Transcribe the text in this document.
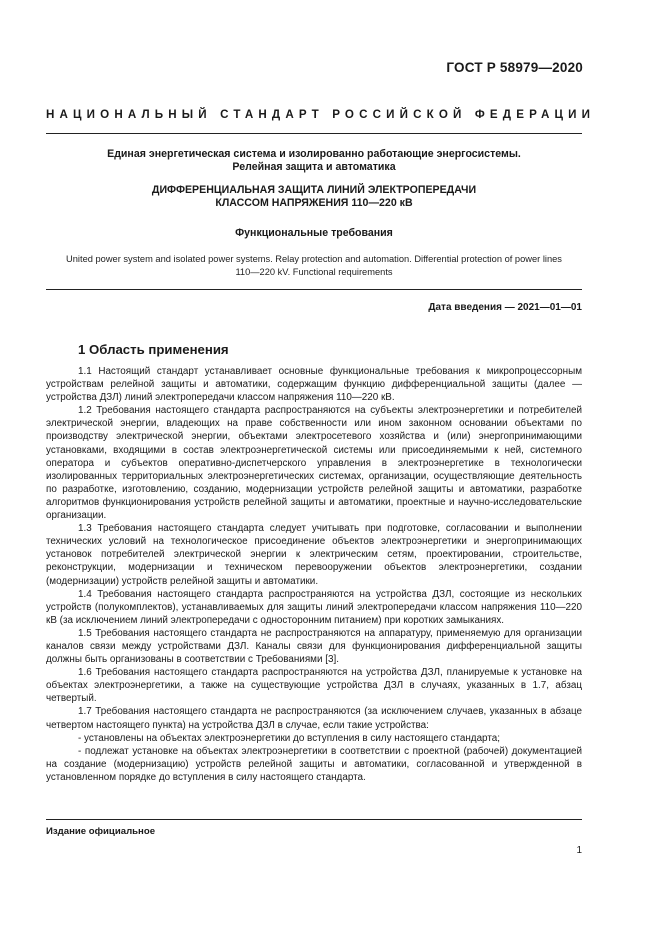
ГОСТ Р 58979—2020
НАЦИОНАЛЬНЫЙ СТАНДАРТ РОССИЙСКОЙ ФЕДЕРАЦИИ
Единая энергетическая система и изолированно работающие энергосистемы.
Релейная защита и автоматика
ДИФФЕРЕНЦИАЛЬНАЯ ЗАЩИТА ЛИНИЙ ЭЛЕКТРОПЕРЕДАЧИ
КЛАССОМ НАПРЯЖЕНИЯ 110—220 кВ
Функциональные требования
United power system and isolated power systems. Relay protection and automation. Differential protection of power lines
110—220 kV. Functional requirements
Дата введения — 2021—01—01
1 Область применения

1.1 Настоящий стандарт устанавливает основные функциональные требования к микропроцессорным устройствам релейной защиты и автоматики, содержащим функцию дифференциальной защиты (далее — устройства ДЗЛ) линий электропередачи классом напряжения 110—220 кВ.

1.2 Требования настоящего стандарта распространяются на субъекты электроэнергетики и потребителей электрической энергии, владеющих на праве собственности или ином законном основании объектами по производству электрической энергии, объектами электросетевого хозяйства и (или) энергопринимающими установками, входящими в состав электроэнергетической системы или присоединяемыми к ней, системного оператора и субъектов оперативно-диспетчерского управления в электроэнергетике в технологически изолированных территориальных электроэнергетических системах, организации, осуществляющие деятельность по разработке, изготовлению, созданию, модернизации устройств релейной защиты и автоматики, разработке алгоритмов функционирования устройств релейной защиты и автоматики, проектные и научно-исследовательские организации.

1.3 Требования настоящего стандарта следует учитывать при подготовке, согласовании и выполнении технических условий на технологическое присоединение объектов электроэнергетики и энергопринимающих установок потребителей электрической энергии к электрическим сетям, проектировании, строительстве, реконструкции, модернизации и техническом перевооружении объектов электроэнергетики, создании (модернизации) устройств релейной защиты и автоматики.

1.4 Требования настоящего стандарта распространяются на устройства ДЗЛ, состоящие из нескольких устройств (полукомплектов), устанавливаемых для защиты линий электропередачи классом напряжения 110—220 кВ (за исключением линий электропередачи с односторонним питанием) при коротких замыканиях.

1.5 Требования настоящего стандарта не распространяются на аппаратуру, применяемую для организации каналов связи между устройствами ДЗЛ. Каналы связи для функционирования дифференциальной защиты должны быть организованы в соответствии с Требованиями [3].

1.6 Требования настоящего стандарта распространяются на устройства ДЗЛ, планируемые к установке на объектах электроэнергетики, а также на существующие устройства ДЗЛ в случаях, указанных в 1.7, абзац четвертый.

1.7 Требования настоящего стандарта не распространяются (за исключением случаев, указанных в абзаце четвертом настоящего пункта) на устройства ДЗЛ в случае, если такие устройства:

- установлены на объектах электроэнергетики до вступления в силу настоящего стандарта;

- подлежат установке на объектах электроэнергетики в соответствии с проектной (рабочей) документацией на создание (модернизацию) устройств релейной защиты и автоматики, согласованной и утвержденной в установленном порядке до вступления в силу настоящего стандарта.

Издание официальное
1
